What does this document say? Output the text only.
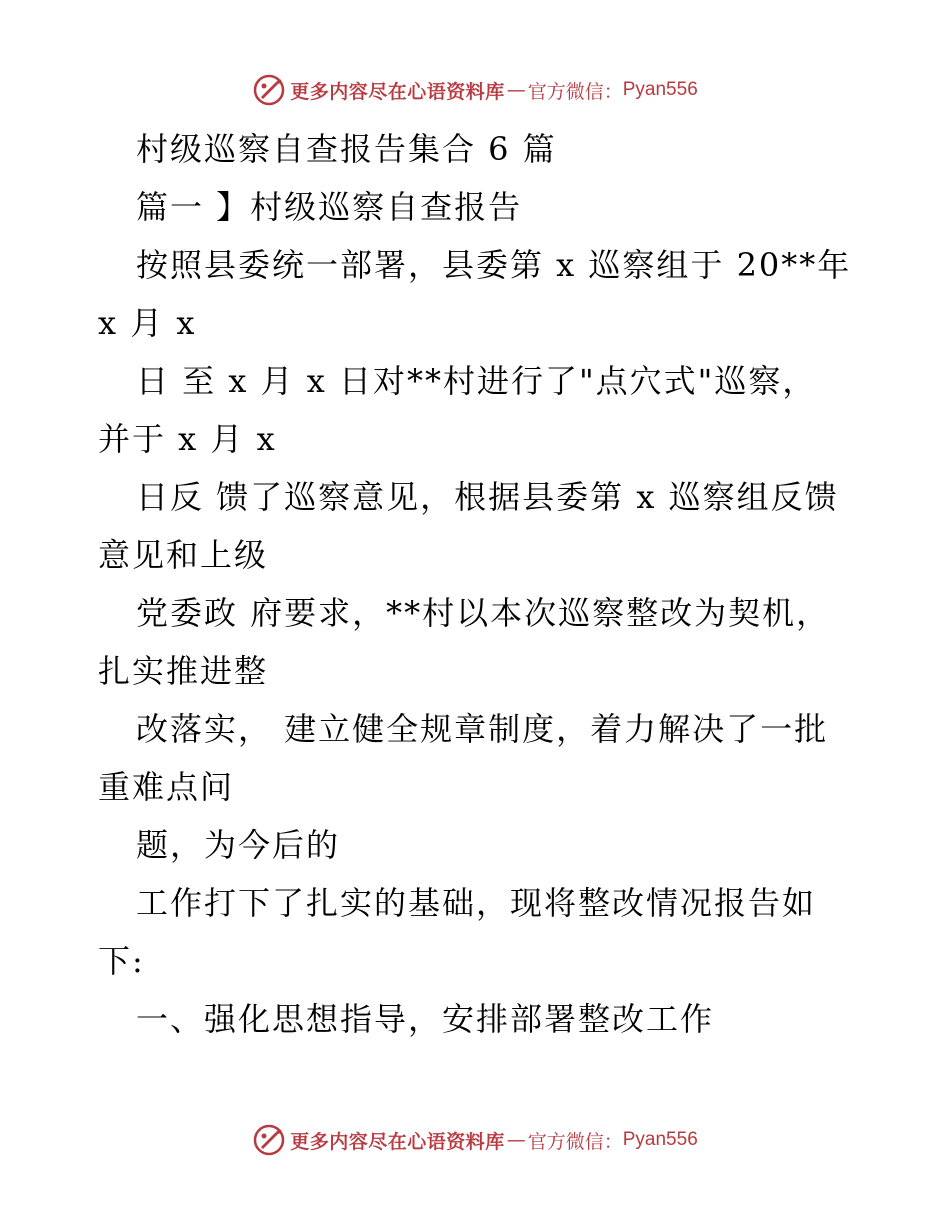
更多内容尽在心语资料库 — 官方微信： Pyan556
村级巡察自查报告集合 6 篇
篇一 】村级巡察自查报告
按照县委统一部署，县委第 x 巡察组于 20**年
x 月 x
日 至 x 月 x 日对**村进行了"点穴式"巡察，
并于 x 月 x
日反 馈了巡察意见，根据县委第 x 巡察组反馈
意见和上级
党委政 府要求，**村以本次巡察整改为契机，
扎实推进整
改落实， 建立健全规章制度，着力解决了一批
重难点问
题，为今后的
工作打下了扎实的基础，现将整改情况报告如
下:
一、强化思想指导，安排部署整改工作
更多内容尽在心语资料库 — 官方微信： Pyan556
